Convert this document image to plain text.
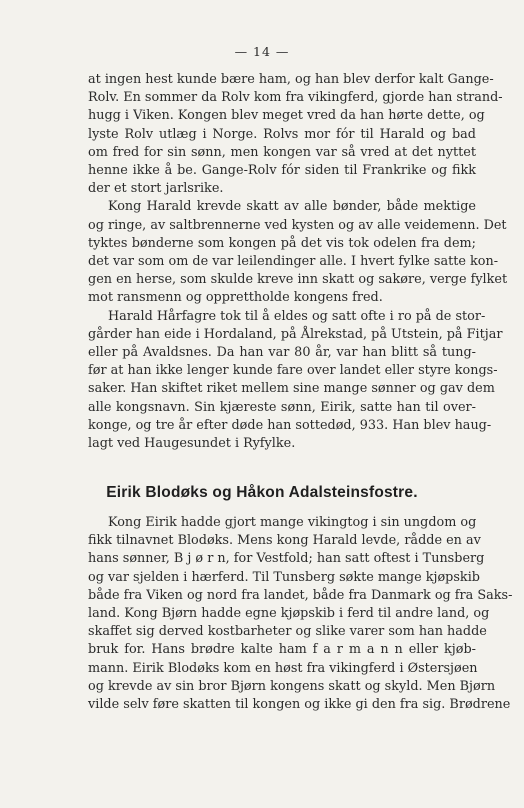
— 14 —
at ingen hest kunde bære ham, og han blev derfor kalt Gange-
Rolv. En sommer da Rolv kom fra vikingferd, gjorde han strand-
hugg i Viken. Kongen blev meget vred da han hørte dette, og
lyste Rolv utlæg i Norge. Rolvs mor fór til Harald og bad
om fred for sin sønn, men kongen var så vred at det nyttet
henne ikke å be. Gange-Rolv fór siden til Frankrike og fikk
der et stort jarlsrike.
Kong Harald krevde skatt av alle bønder, både mektige
og ringe, av saltbrennerne ved kysten og av alle veidemenn. Det
tyktes bønderne som kongen på det vis tok odelen fra dem;
det var som om de var leilendinger alle. I hvert fylke satte kon-
gen en herse, som skulde kreve inn skatt og sakøre, verge fylket
mot ransmenn og opprettholde kongens fred.
Harald Hårfagre tok til å eldes og satt ofte i ro på de stor-
gårder han eide i Hordaland, på Ålrekstad, på Utstein, på Fitjar
eller på Avaldsnes. Da han var 80 år, var han blitt så tung-
før at han ikke lenger kunde fare over landet eller styre kongs-
saker. Han skiftet riket mellem sine mange sønner og gav dem
alle kongsnavn. Sin kjæreste sønn, Eirik, satte han til over-
konge, og tre år efter døde han sottedød, 933. Han blev haug-
lagt ved Haugesundet i Ryfylke.
Eirik Blodøks og Håkon Adalsteinsfostre.
Kong Eirik hadde gjort mange vikingtog i sin ungdom og
fikk tilnavnet Blodøks. Mens kong Harald levde, rådde en av
hans sønner, B j ø r n, for Vestfold; han satt oftest i Tunsberg
og var sjelden i hærferd. Til Tunsberg søkte mange kjøpskib
både fra Viken og nord fra landet, både fra Danmark og fra Saks-
land. Kong Bjørn hadde egne kjøpskib i ferd til andre land, og
skaffet sig derved kostbarheter og slike varer som han hadde
bruk for. Hans brødre kalte ham f a r m a n n eller kjøb-
mann. Eirik Blodøks kom en høst fra vikingferd i Østersjøen
og krevde av sin bror Bjørn kongens skatt og skyld. Men Bjørn
vilde selv føre skatten til kongen og ikke gi den fra sig. Brødrene
